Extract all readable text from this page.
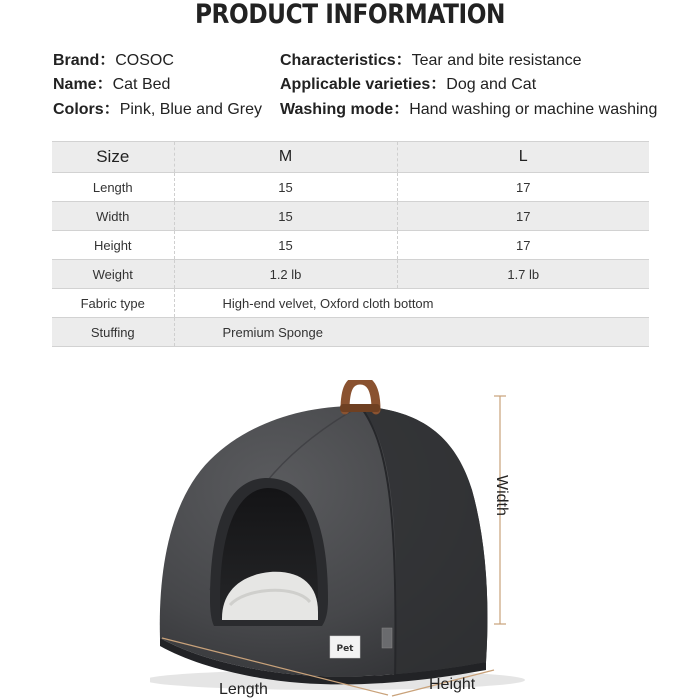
PRODUCT INFORMATION
Brand：COSOC
Name：Cat Bed
Colors：Pink, Blue and Grey
Characteristics：Tear and bite resistance
Applicable varieties：Dog and Cat
Washing mode：Hand washing or machine washing
Size	M	L
Length	15	17
Width	15	17
Height	15	17
Weight	1.2 lb	1.7 lb
Fabric type	High-end velvet, Oxford cloth bottom	
Stuffing	Premium Sponge	
Pet
Length	Height
Width
